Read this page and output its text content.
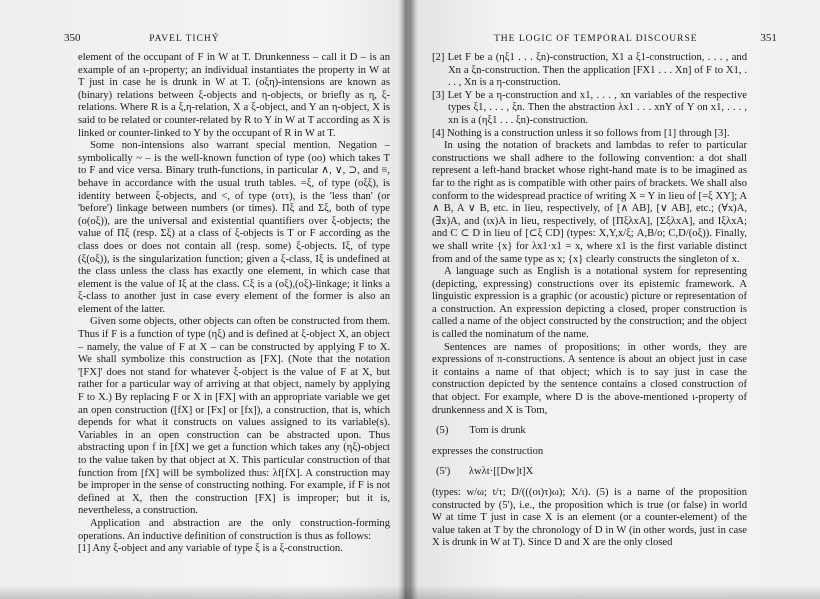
350	PAVEL TICHÝ

element of the occupant of F in W at T. Drunkenness – call it D – is an example of an ι-property; an individual instantiates the property in W at T just in case he is drunk in W at T. (oξη)-intensions are known as (binary) relations between ξ-objects and η-objects, or briefly as η, ξ-relations. Where R is a ξ,η-relation, X a ξ-object, and Y an η-object, X is said to be related or counter-related by R to Y in W at T according as X is linked or counter-linked to Y by the occupant of R in W at T.

Some non-intensions also warrant special mention. Negation – symbolically ~ – is the well-known function of type (oo) which takes T to F and vice versa. Binary truth-functions, in particular ∧, ∨, ⊃, and ≡, behave in accordance with the usual truth tables. =ξ, of type (oξξ), is identity between ξ-objects, and <, of type (oττ), is the 'less than' (or 'before') linkage between numbers (or times). Πξ and Σξ, both of type (o(oξ)), are the universal and existential quantifiers over ξ-objects; the value of Πξ (resp. Σξ) at a class of ξ-objects is T or F according as the class does or does not contain all (resp. some) ξ-objects. Iξ, of type (ξ(oξ)), is the singularization function; given a ξ-class, Iξ is undefined at the class unless the class has exactly one element, in which case that element is the value of Iξ at the class. Cξ is a (oξ),(oξ)-linkage; it links a ξ-class to another just in case every element of the former is also an element of the latter.

Given some objects, other objects can often be constructed from them. Thus if F is a function of type (ηξ) and is defined at ξ-object X, an object – namely, the value of F at X – can be constructed by applying F to X. We shall symbolize this construction as [FX]. (Note that the notation '[FX]' does not stand for whatever ξ-object is the value of F at X, but rather for a particular way of arriving at that object, namely by applying F to X.) By replacing F or X in [FX] with an appropriate variable we get an open construction ([fX] or [Fx] or [fx]), a construction, that is, which depends for what it constructs on values assigned to its variable(s). Variables in an open construction can be abstracted upon. Thus abstracting upon f in [fX] we get a function which takes any (ηξ)-object to the value taken by that object at X. This particular construction of that function from [fX] will be symbolized thus: λf[fX]. A construction may be improper in the sense of constructing nothing. For example, if F is not defined at X, then the construction [FX] is improper; but it is, nevertheless, a construction.

Application and abstraction are the only construction-forming operations. An inductive definition of construction is thus as follows:

[1] Any ξ-object and any variable of type ξ is a ξ-construction.

THE LOGIC OF TEMPORAL DISCOURSE	351

[2] Let F be a (ηξ1 . . . ξn)-construction, X1 a ξ1-construction, . . . , and Xn a ξn-construction. Then the application [FX1 . . . Xn] of F to X1, . . . , Xn is a η-construction.

[3] Let Y be a η-construction and x1, . . . , xn variables of the respective types ξ1, . . . , ξn. Then the abstraction λx1 . . . xnY of Y on x1, . . . , xn is a (ηξ1 . . . ξn)-construction.

[4] Nothing is a construction unless it so follows from [1] through [3].

In using the notation of brackets and lambdas to refer to particular constructions we shall adhere to the following convention: a dot shall represent a left-hand bracket whose right-hand mate is to be imagined as far to the right as is compatible with other pairs of brackets. We shall also conform to the widespread practice of writing X = Y in lieu of [=ξ XY]; A ∧ B, A ∨ B, etc. in lieu, respectively, of [∧ AB], [∨ AB], etc.; (∀x)A, (∃x)A, and (ιx)A in lieu, respectively, of [ΠξλxA], [ΣξλxA], and IξλxA; and C ⊂ D in lieu of [⊂ξ CD] (types: X,Y,x/ξ; A,B/o; C,D/(oξ)). Finally, we shall write {x} for λx1·x1 = x, where x1 is the first variable distinct from and of the same type as x; {x} clearly constructs the singleton of x.

A language such as English is a notational system for representing (depicting, expressing) constructions over its epistemic framework. A linguistic expression is a graphic (or acoustic) picture or representation of a construction. An expression depicting a closed, proper construction is called a name of the object constructed by the construction; and the object is called the nominatum of the name.

Sentences are names of propositions; in other words, they are expressions of π-constructions. A sentence is about an object just in case it contains a name of that object; which is to say just in case the construction depicted by the sentence contains a closed construction of that object. For example, where D is the above-mentioned ι-property of drunkenness and X is Tom,

(5) Tom is drunk

expresses the construction

(5') λwλt·[[Dw]t]X

(types: w/ω; t/τ; D/(((oι)τ)ω); X/ι). (5) is a name of the proposition constructed by (5'), i.e., the proposition which is true (or false) in world W at time T just in case X is an element (or a counter-element) of the value taken at T by the chronology of D in W (in other words, just in case X is drunk in W at T). Since D and X are the only closed
